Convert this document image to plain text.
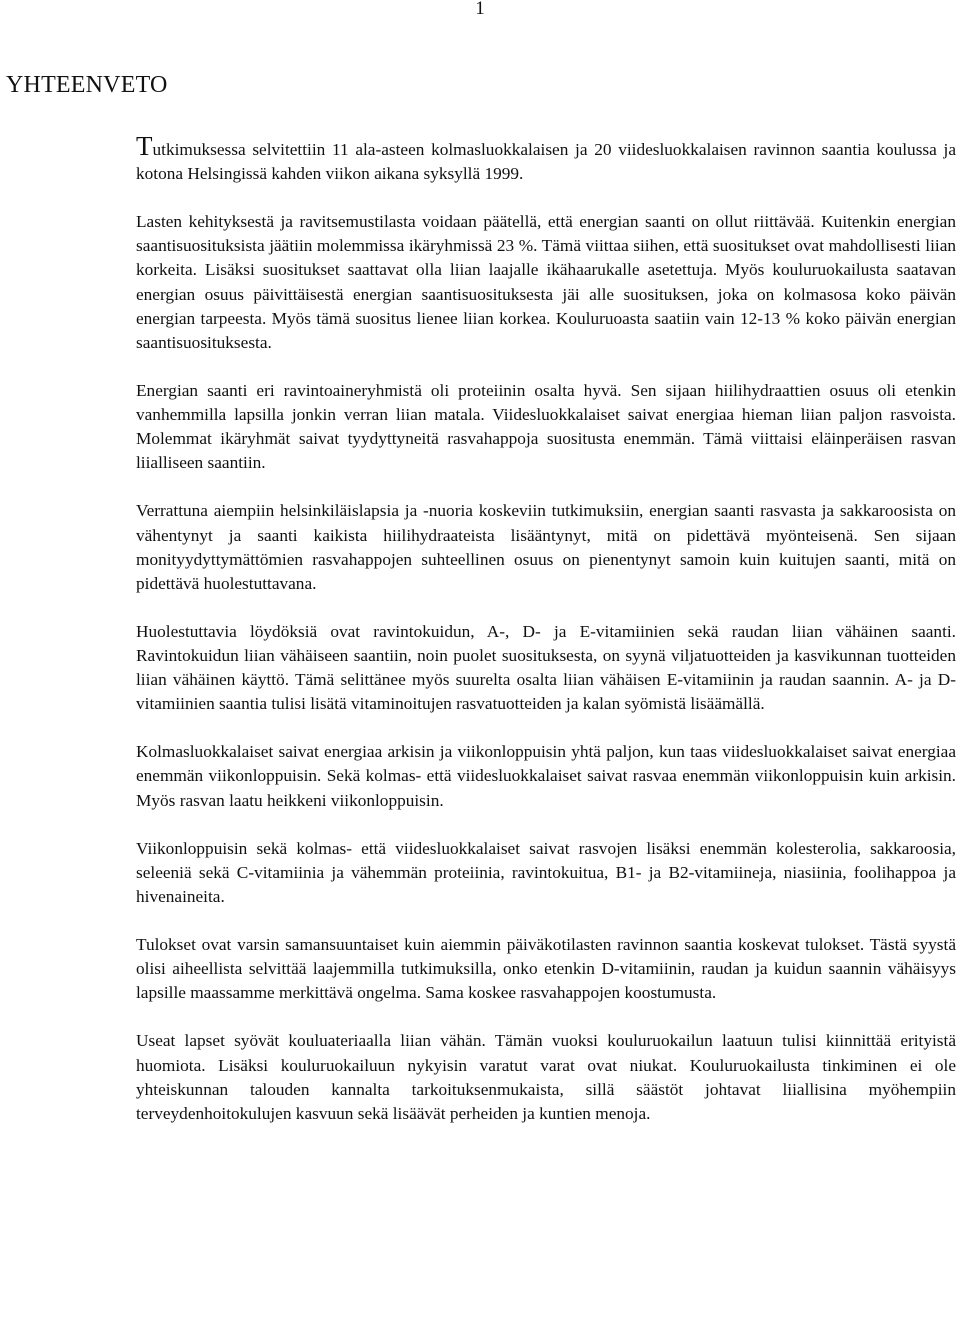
1
YHTEENVETO

Tutkimuksessa selvitettiin 11 ala-asteen kolmasluokkalaisen ja 20 viidesluokkalaisen ravinnon saantia koulussa ja kotona Helsingissä kahden viikon aikana syksyllä 1999.

Lasten kehityksestä ja ravitsemustilasta voidaan päätellä, että energian saanti on ollut riittävää. Kuitenkin energian saantisuosituksista jäätiin molemmissa ikäryhmissä 23 %. Tämä viittaa siihen, että suositukset ovat mahdollisesti liian korkeita. Lisäksi suositukset saattavat olla liian laajalle ikähaarukalle asetettuja. Myös kouluruokailusta saatavan energian osuus päivittäisestä energian saantisuosituksesta jäi alle suosituksen, joka on kolmasosa koko päivän energian tarpeesta. Myös tämä suositus lienee liian korkea. Kouluruoasta saatiin vain 12-13 % koko päivän energian saantisuosituksesta.

Energian saanti eri ravintoaineryhmistä oli proteiinin osalta hyvä. Sen sijaan hiilihydraattien osuus oli etenkin vanhemmilla lapsilla jonkin verran liian matala. Viidesluokkalaiset saivat energiaa hieman liian paljon rasvoista. Molemmat ikäryhmät saivat tyydyttyneitä rasvahappoja suositusta enemmän. Tämä viittaisi eläinperäisen rasvan liialliseen saantiin.

Verrattuna aiempiin helsinkiläislapsia ja -nuoria koskeviin tutkimuksiin, energian saanti rasvasta ja sakkaroosista on vähentynyt ja saanti kaikista hiilihydraateista lisääntynyt, mitä on pidettävä myönteisenä. Sen sijaan monityydyttymättömien rasvahappojen suhteellinen osuus on pienentynyt samoin kuin kuitujen saanti, mitä on pidettävä huolestuttavana.

Huolestuttavia löydöksiä ovat ravintokuidun, A-, D- ja E-vitamiinien sekä raudan liian vähäinen saanti. Ravintokuidun liian vähäiseen saantiin, noin puolet suosituksesta, on syynä viljatuotteiden ja kasvikunnan tuotteiden liian vähäinen käyttö. Tämä selittänee myös suurelta osalta liian vähäisen E-vitamiinin ja raudan saannin. A- ja D-vitamiinien saantia tulisi lisätä vitaminoitujen rasvatuotteiden ja kalan syömistä lisäämällä.

Kolmasluokkalaiset saivat energiaa arkisin ja viikonloppuisin yhtä paljon, kun taas viidesluokkalaiset saivat energiaa enemmän viikonloppuisin. Sekä kolmas- että viidesluokkalaiset saivat rasvaa enemmän viikonloppuisin kuin arkisin. Myös rasvan laatu heikkeni viikonloppuisin.

Viikonloppuisin sekä kolmas- että viidesluokkalaiset saivat rasvojen lisäksi enemmän kolesterolia, sakkaroosia, seleeniä sekä C-vitamiinia ja vähemmän proteiinia, ravintokuitua, B1- ja B2-vitamiineja, niasiinia, foolihappoa ja hivenaineita.

Tulokset ovat varsin samansuuntaiset kuin aiemmin päiväkotilasten ravinnon saantia koskevat tulokset. Tästä syystä olisi aiheellista selvittää laajemmilla tutkimuksilla, onko etenkin D-vitamiinin, raudan ja kuidun saannin vähäisyys lapsille maassamme merkittävä ongelma. Sama koskee rasvahappojen koostumusta.

Useat lapset syövät kouluateriaalla liian vähän. Tämän vuoksi kouluruokailun laatuun tulisi kiinnittää erityistä huomiota. Lisäksi kouluruokailuun nykyisin varatut varat ovat niukat. Kouluruokailusta tinkiminen ei ole yhteiskunnan talouden kannalta tarkoituksenmukaista, sillä säästöt johtavat liiallisina myöhempiin terveydenhoitokulujen kasvuun sekä lisäävät perheiden ja kuntien menoja.
